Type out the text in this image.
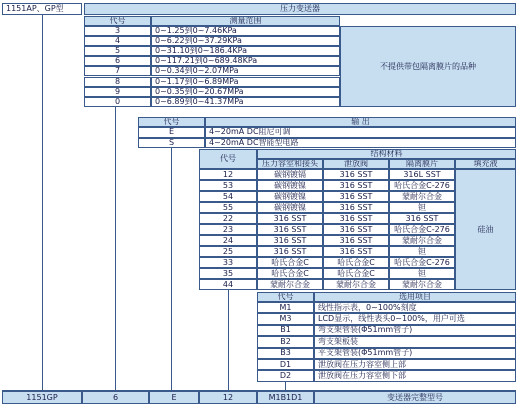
1151AP、GP型	压力变送器
代号	测量范围
不提供带包隔离膜片的品种
3	0~1.25到0~7.46KPa
4	0~6.22到0~37.29KPa
5	0~31.10到0~186.4KPa
6	0~117.21到0~689.48KPa
7	0~0.34到0~2.07MPa
8	0~1.17到0~6.89MPa
9	0~0.35到0~20.67MPa
0	0~6.89到0~41.37MPa
代号	输 出
E	4~20mA DC阻尼可调
S	4~20mA DC智能型电路
代号
结构材料
压力容室和接头	泄放阀	隔离膜片	填充液
硅油
12	碳钢镀镉	316 SST	316L SST
53	碳钢镀镍	316 SST	哈氏合金C-276
54	碳钢镀镍	316 SST	蒙耐尔合金
55	碳钢镀镍	316 SST	钽
22	316 SST	316 SST	316 SST
23	316 SST	316 SST	哈氏合金C-276
24	316 SST	316 SST	蒙耐尔合金
25	316 SST	316 SST	钽
33	哈氏合金C	哈氏合金C	哈氏合金C-276
35	哈氏合金C	哈氏合金C	钽
44	蒙耐尔合金	蒙耐尔合金	蒙耐尔合金
代号	选用项目
M1	线性指示表，0~100%刻度
M3	LCD显示，线性表头0~100%，用户可选
B1	弯支架管装(Φ51mm管子)
B2	弯支架板装
B3	平支架管装(Φ51mm管子)
D1	泄放阀在压力容室侧上部
D2	泄放阀在压力容室侧下部
1151GP	6	E	12	M1B1D1	变送器完整型号
